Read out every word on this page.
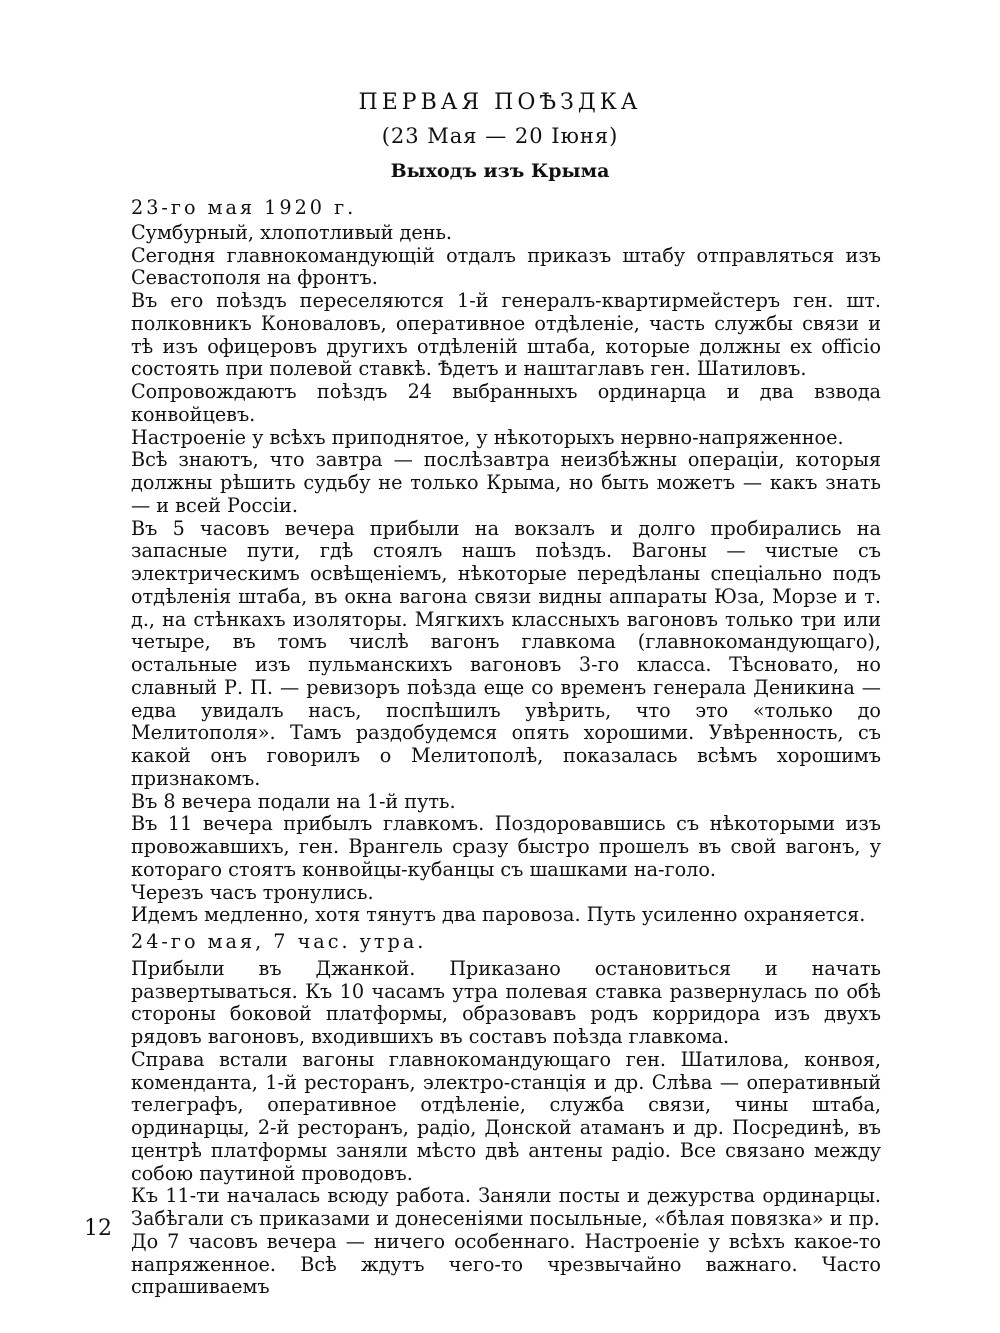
ПЕРВАЯ ПОѢЗДКА
(23 Мая — 20 Іюня)
Выходъ изъ Крыма

23-го мая 1920 г.

Сумбурный, хлопотливый день.

Сегодня главнокомандующій отдалъ приказъ штабу отправляться изъ Севастополя на фронтъ.

Въ его поѣздъ переселяются 1-й генералъ-квартирмейстеръ ген. шт. полковникъ Коноваловъ, оперативное отдѣленіе, часть службы связи и тѣ изъ офицеровъ другихъ отдѣленій штаба, которые должны ex officio состоять при полевой ставкѣ. Ѣдетъ и наштаглавъ ген. Шатиловъ.

Сопровождаютъ поѣздъ 24 выбранныхъ ординарца и два взвода конвойцевъ.

Настроеніе у всѣхъ приподнятое, у нѣкоторыхъ нервно-напряженное.

Всѣ знаютъ, что завтра — послѣзавтра неизбѣжны операціи, которыя должны рѣшить судьбу не только Крыма, но быть можетъ — какъ знать — и всей Россіи.

Въ 5 часовъ вечера прибыли на вокзалъ и долго пробирались на запасные пути, гдѣ стоялъ нашъ поѣздъ. Вагоны — чистые съ электрическимъ освѣщеніемъ, нѣкоторые передѣланы спеціально подъ отдѣленія штаба, въ окна вагона связи видны аппараты Юза, Морзе и т. д., на стѣнкахъ изоляторы. Мягкихъ классныхъ вагоновъ только три или четыре, въ томъ числѣ вагонъ главкома (главнокомандующаго), остальные изъ пульманскихъ вагоновъ 3-го класса. Тѣсновато, но славный Р. П. — ревизоръ поѣзда еще со временъ генерала Деникина — едва увидалъ насъ, поспѣшилъ увѣрить, что это «только до Мелитополя». Тамъ раздобудемся опять хорошими. Увѣренность, съ какой онъ говорилъ о Мелитополѣ, показалась всѣмъ хорошимъ признакомъ.

Въ 8 вечера подали на 1-й путь.

Въ 11 вечера прибылъ главкомъ. Поздоровавшись съ нѣкоторыми изъ провожавшихъ, ген. Врангель сразу быстро прошелъ въ свой вагонъ, у котораго стоятъ конвойцы-кубанцы съ шашками на-голо.

Черезъ часъ тронулись.

Идемъ медленно, хотя тянутъ два паровоза. Путь усиленно охраняется.

24-го мая, 7 час. утра.

Прибыли въ Джанкой. Приказано остановиться и начать развертываться. Къ 10 часамъ утра полевая ставка развернулась по обѣ стороны боковой платформы, образовавъ родъ корридора изъ двухъ рядовъ вагоновъ, входившихъ въ составъ поѣзда главкома.

Справа встали вагоны главнокомандующаго ген. Шатилова, конвоя, коменданта, 1-й ресторанъ, электро-станція и др. Слѣва — оперативный телеграфъ, оперативное отдѣленіе, служба связи, чины штаба, ординарцы, 2-й ресторанъ, радіо, Донской атаманъ и др. Посрединѣ, въ центрѣ платформы заняли мѣсто двѣ антены радіо. Все связано между собою паутиной проводовъ.

Къ 11-ти началась всюду работа. Заняли посты и дежурства ординарцы. Забѣгали съ приказами и донесеніями посыльные, «бѣлая повязка» и пр.

До 7 часовъ вечера — ничего особеннаго. Настроеніе у всѣхъ какое-то напряженное. Всѣ ждутъ чего-то чрезвычайно важнаго. Часто спрашиваемъ

12
